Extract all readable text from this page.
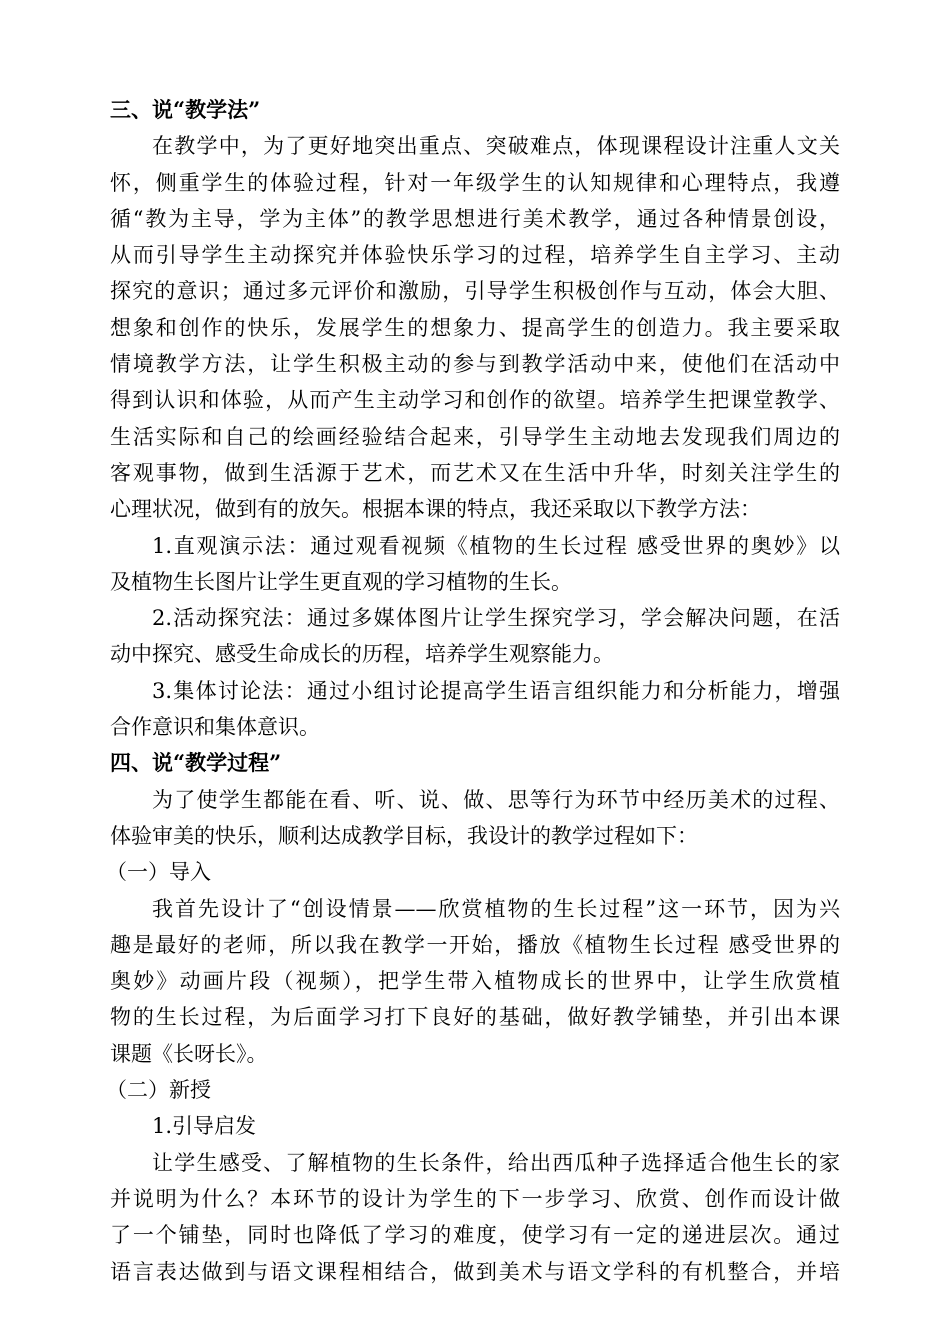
三、说“教学法”
在教学中，为了更好地突出重点、突破难点，体现课程设计注重人文关
怀，侧重学生的体验过程，针对一年级学生的认知规律和心理特点，我遵
循“教为主导，学为主体”的教学思想进行美术教学，通过各种情景创设，
从而引导学生主动探究并体验快乐学习的过程，培养学生自主学习、主动
探究的意识；通过多元评价和激励，引导学生积极创作与互动，体会大胆、
想象和创作的快乐，发展学生的想象力、提高学生的创造力。我主要采取
情境教学方法，让学生积极主动的参与到教学活动中来，使他们在活动中
得到认识和体验，从而产生主动学习和创作的欲望。培养学生把课堂教学、
生活实际和自己的绘画经验结合起来，引导学生主动地去发现我们周边的
客观事物，做到生活源于艺术，而艺术又在生活中升华，时刻关注学生的
心理状况，做到有的放矢。根据本课的特点，我还采取以下教学方法：
1.直观演示法：通过观看视频《植物的生长过程 感受世界的奥妙》以
及植物生长图片让学生更直观的学习植物的生长。
2.活动探究法：通过多媒体图片让学生探究学习，学会解决问题，在活
动中探究、感受生命成长的历程，培养学生观察能力。
3.集体讨论法：通过小组讨论提高学生语言组织能力和分析能力，增强
合作意识和集体意识。
四、说“教学过程”
为了使学生都能在看、听、说、做、思等行为环节中经历美术的过程、
体验审美的快乐，顺利达成教学目标，我设计的教学过程如下：
（一）导入
我首先设计了“创设情景——欣赏植物的生长过程”这一环节，因为兴
趣是最好的老师，所以我在教学一开始，播放《植物生长过程 感受世界的
奥妙》动画片段（视频），把学生带入植物成长的世界中，让学生欣赏植
物的生长过程，为后面学习打下良好的基础，做好教学铺垫，并引出本课
课题《长呀长》。
（二）新授
1.引导启发
让学生感受、了解植物的生长条件，给出西瓜种子选择适合他生长的家
并说明为什么？本环节的设计为学生的下一步学习、欣赏、创作而设计做
了一个铺垫，同时也降低了学习的难度，使学习有一定的递进层次。通过
语言表达做到与语文课程相结合，做到美术与语文学科的有机整合，并培
